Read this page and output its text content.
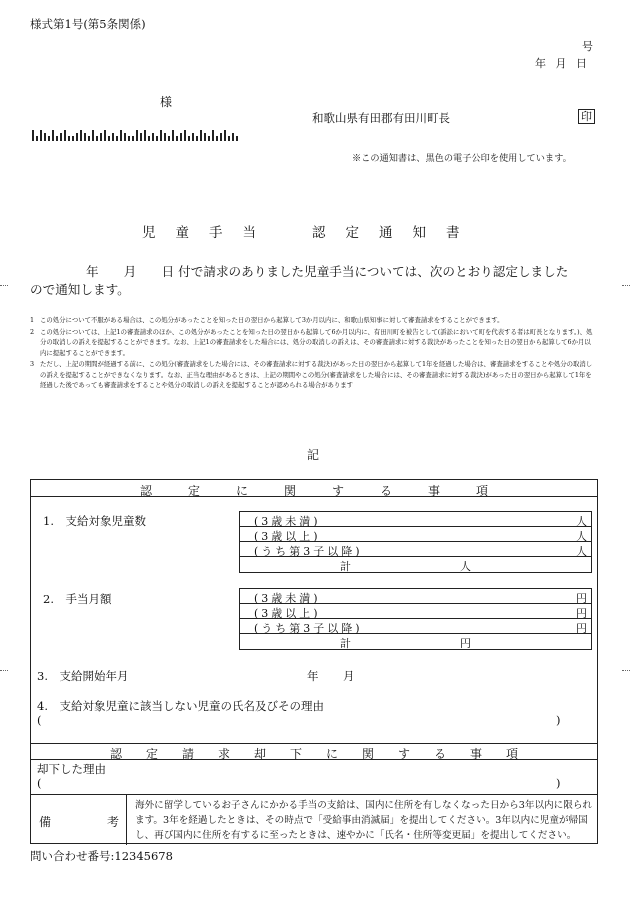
様式第1号(第5条関係)
号
年 月 日
様
和歌山県有田郡有田川町長	印
※この通知書は、黒色の電子公印を使用しています。
児 童 手 当	認 定 通 知 書
年　　月　　日 付で請求のありました児童手当については、次のとおり認定しました
ので通知します。
1 この処分について不服がある場合は、この処分があったことを知った日の翌日から起算して3か月以内に、和歌山県知事に対して審査請求をすることができます。
2 この処分については、上記1の審査請求のほか、この処分があったことを知った日の翌日から起算して6か月以内に、有田川町を被告として(訴訟において町を代表する者は町長となります。)、処分の取消しの訴えを提起することができます。なお、上記1の審査請求をした場合には、処分の取消しの訴えは、その審査請求に対する裁決があったことを知った日の翌日から起算して6か月以内に提起することができます。
3 ただし、上記の期間が経過する前に、この処分(審査請求をした場合には、その審査請求に対する裁決)があった日の翌日から起算して1年を経過した場合は、審査請求をすることや処分の取消しの訴えを提起することができなくなります。なお、正当な理由があるときは、上記の期間やこの処分(審査請求をした場合には、その審査請求に対する裁決)があった日の翌日から起算して1年を経過した後であっても審査請求をすることや処分の取消しの訴えを提起することが認められる場合があります
記
認　　　定　　　に　　　関　　　す　　　る　　　事　　　項
1.　支給対象児童数	(3歳未満)	人
(3歳以上)	人
(うち第3子以降)	人
計	人
2.　手当月額	(3歳未満)	円
(3歳以上)	円
(うち第3子以降)	円
計	円
3.　支給開始年月	年 月
4.　支給対象児童に該当しない児童の氏名及びその理由
(	)
認　　定　　請　　求　　却　　下　　に　　関　　す　　る　　事　　項
却下した理由
(	)
備	考
海外に留学しているお子さんにかかる手当の支給は、国内に住所を有しなくなった日から3年以内に限られます。3年を経過したときは、その時点で「受給事由消滅届」を提出してください。3年以内に児童が帰国し、再び国内に住所を有するに至ったときは、速やかに「氏名・住所等変更届」を提出してください。
問い合わせ番号:12345678
